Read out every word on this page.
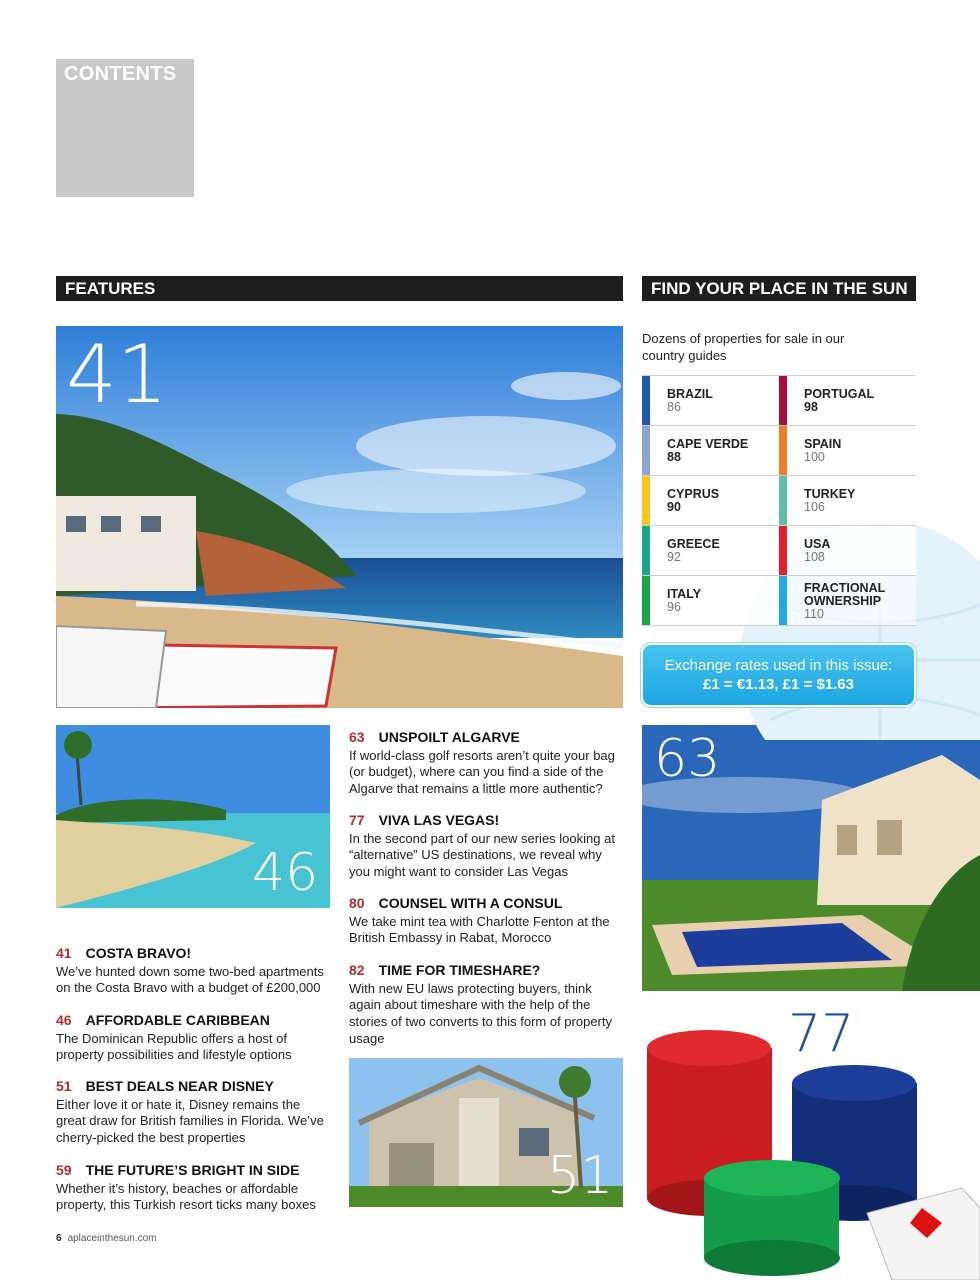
CONTENTS
FEATURES	FIND YOUR PLACE IN THE SUN
41
46
63
51
77
41 COSTA BRAVO!

We’ve hunted down some two-bed apartments on the Costa Bravo with a budget of £200,000

46 AFFORDABLE CARIBBEAN

The Dominican Republic offers a host of property possibilities and lifestyle options

51 BEST DEALS NEAR DISNEY

Either love it or hate it, Disney remains the great draw for British families in Florida. We’ve cherry-picked the best properties

59 THE FUTURE’S BRIGHT IN SIDE

Whether it’s history, beaches or affordable property, this Turkish resort ticks many boxes

63 UNSPOILT ALGARVE

If world-class golf resorts aren’t quite your bag (or budget), where can you find a side of the Algarve that remains a little more authentic?

77 VIVA LAS VEGAS!

In the second part of our new series looking at “alternative” US destinations, we reveal why you might want to consider Las Vegas

80 COUNSEL WITH A CONSUL

We take mint tea with Charlotte Fenton at the British Embassy in Rabat, Morocco

82 TIME FOR TIMESHARE?

With new EU laws protecting buyers, think again about timeshare with the help of the stories of two converts to this form of property usage

Dozens of properties for sale in our country guides
BRAZIL
86
PORTUGAL
98
CAPE VERDE
88
SPAIN
100
CYPRUS
90
TURKEY
106
GREECE
92
USA
108
ITALY
96
FRACTIONAL OWNERSHIP
110
Exchange rates used in this issue:
£1 = €1.13, £1 = $1.63
6 aplaceinthesun.com
